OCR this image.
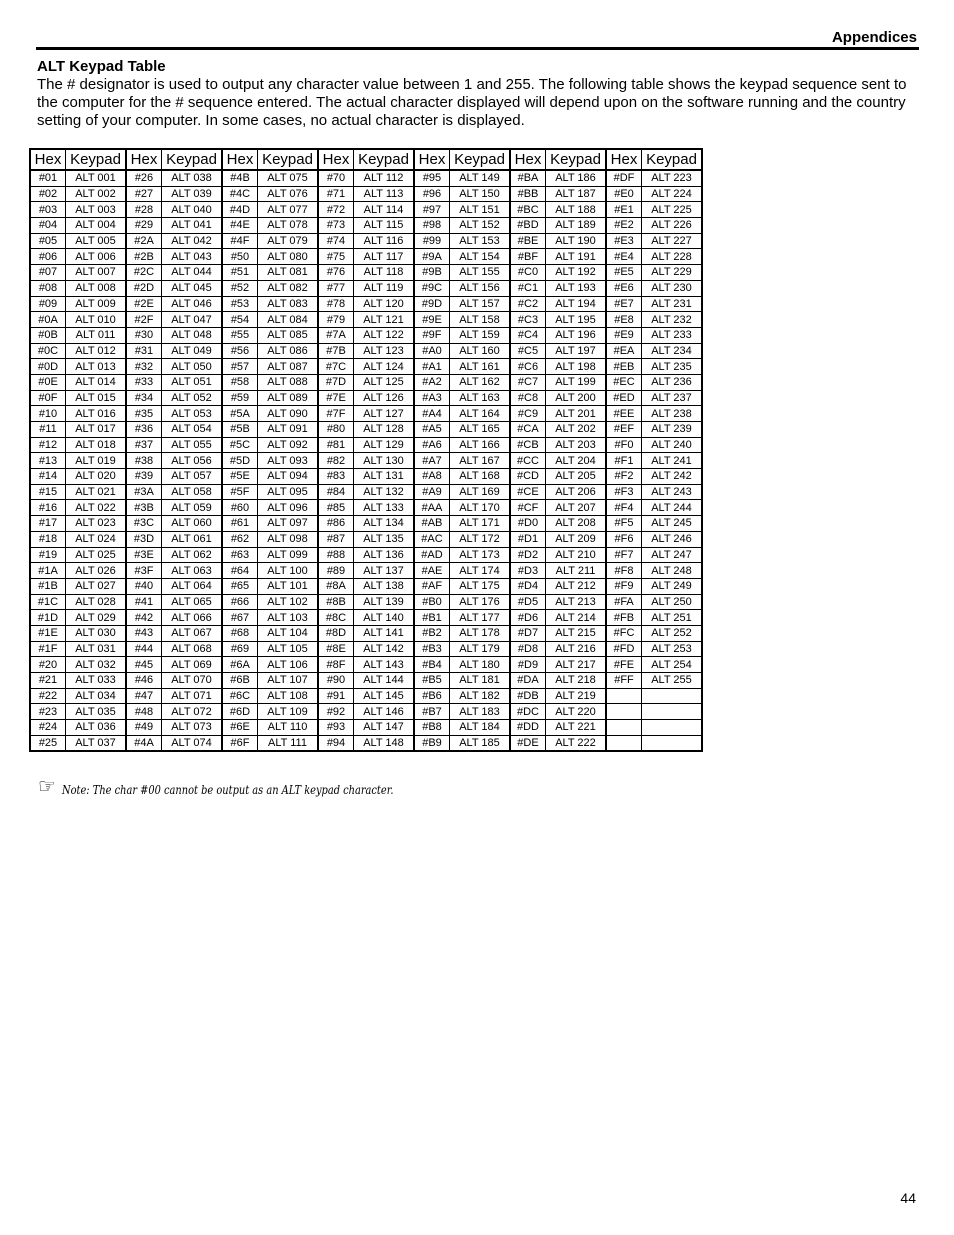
Appendices
ALT Keypad Table

The # designator is used to output any character value between 1 and 255. The following table shows the keypad sequence sent to the computer for the # sequence entered. The actual character displayed will depend upon on the software running and the country setting of your computer. In some cases, no actual character is displayed.

Hex	Keypad	Hex	Keypad	Hex	Keypad	Hex	Keypad	Hex	Keypad	Hex	Keypad	Hex	Keypad
#01	ALT 001	#26	ALT 038	#4B	ALT 075	#70	ALT 112	#95	ALT 149	#BA	ALT 186	#DF	ALT 223
#02	ALT 002	#27	ALT 039	#4C	ALT 076	#71	ALT 113	#96	ALT 150	#BB	ALT 187	#E0	ALT 224
#03	ALT 003	#28	ALT 040	#4D	ALT 077	#72	ALT 114	#97	ALT 151	#BC	ALT 188	#E1	ALT 225
#04	ALT 004	#29	ALT 041	#4E	ALT 078	#73	ALT 115	#98	ALT 152	#BD	ALT 189	#E2	ALT 226
#05	ALT 005	#2A	ALT 042	#4F	ALT 079	#74	ALT 116	#99	ALT 153	#BE	ALT 190	#E3	ALT 227
#06	ALT 006	#2B	ALT 043	#50	ALT 080	#75	ALT 117	#9A	ALT 154	#BF	ALT 191	#E4	ALT 228
#07	ALT 007	#2C	ALT 044	#51	ALT 081	#76	ALT 118	#9B	ALT 155	#C0	ALT 192	#E5	ALT 229
#08	ALT 008	#2D	ALT 045	#52	ALT 082	#77	ALT 119	#9C	ALT 156	#C1	ALT 193	#E6	ALT 230
#09	ALT 009	#2E	ALT 046	#53	ALT 083	#78	ALT 120	#9D	ALT 157	#C2	ALT 194	#E7	ALT 231
#0A	ALT 010	#2F	ALT 047	#54	ALT 084	#79	ALT 121	#9E	ALT 158	#C3	ALT 195	#E8	ALT 232
#0B	ALT 011	#30	ALT 048	#55	ALT 085	#7A	ALT 122	#9F	ALT 159	#C4	ALT 196	#E9	ALT 233
#0C	ALT 012	#31	ALT 049	#56	ALT 086	#7B	ALT 123	#A0	ALT 160	#C5	ALT 197	#EA	ALT 234
#0D	ALT 013	#32	ALT 050	#57	ALT 087	#7C	ALT 124	#A1	ALT 161	#C6	ALT 198	#EB	ALT 235
#0E	ALT 014	#33	ALT 051	#58	ALT 088	#7D	ALT 125	#A2	ALT 162	#C7	ALT 199	#EC	ALT 236
#0F	ALT 015	#34	ALT 052	#59	ALT 089	#7E	ALT 126	#A3	ALT 163	#C8	ALT 200	#ED	ALT 237
#10	ALT 016	#35	ALT 053	#5A	ALT 090	#7F	ALT 127	#A4	ALT 164	#C9	ALT 201	#EE	ALT 238
#11	ALT 017	#36	ALT 054	#5B	ALT 091	#80	ALT 128	#A5	ALT 165	#CA	ALT 202	#EF	ALT 239
#12	ALT 018	#37	ALT 055	#5C	ALT 092	#81	ALT 129	#A6	ALT 166	#CB	ALT 203	#F0	ALT 240
#13	ALT 019	#38	ALT 056	#5D	ALT 093	#82	ALT 130	#A7	ALT 167	#CC	ALT 204	#F1	ALT 241
#14	ALT 020	#39	ALT 057	#5E	ALT 094	#83	ALT 131	#A8	ALT 168	#CD	ALT 205	#F2	ALT 242
#15	ALT 021	#3A	ALT 058	#5F	ALT 095	#84	ALT 132	#A9	ALT 169	#CE	ALT 206	#F3	ALT 243
#16	ALT 022	#3B	ALT 059	#60	ALT 096	#85	ALT 133	#AA	ALT 170	#CF	ALT 207	#F4	ALT 244
#17	ALT 023	#3C	ALT 060	#61	ALT 097	#86	ALT 134	#AB	ALT 171	#D0	ALT 208	#F5	ALT 245
#18	ALT 024	#3D	ALT 061	#62	ALT 098	#87	ALT 135	#AC	ALT 172	#D1	ALT 209	#F6	ALT 246
#19	ALT 025	#3E	ALT 062	#63	ALT 099	#88	ALT 136	#AD	ALT 173	#D2	ALT 210	#F7	ALT 247
#1A	ALT 026	#3F	ALT 063	#64	ALT 100	#89	ALT 137	#AE	ALT 174	#D3	ALT 211	#F8	ALT 248
#1B	ALT 027	#40	ALT 064	#65	ALT 101	#8A	ALT 138	#AF	ALT 175	#D4	ALT 212	#F9	ALT 249
#1C	ALT 028	#41	ALT 065	#66	ALT 102	#8B	ALT 139	#B0	ALT 176	#D5	ALT 213	#FA	ALT 250
#1D	ALT 029	#42	ALT 066	#67	ALT 103	#8C	ALT 140	#B1	ALT 177	#D6	ALT 214	#FB	ALT 251
#1E	ALT 030	#43	ALT 067	#68	ALT 104	#8D	ALT 141	#B2	ALT 178	#D7	ALT 215	#FC	ALT 252
#1F	ALT 031	#44	ALT 068	#69	ALT 105	#8E	ALT 142	#B3	ALT 179	#D8	ALT 216	#FD	ALT 253
#20	ALT 032	#45	ALT 069	#6A	ALT 106	#8F	ALT 143	#B4	ALT 180	#D9	ALT 217	#FE	ALT 254
#21	ALT 033	#46	ALT 070	#6B	ALT 107	#90	ALT 144	#B5	ALT 181	#DA	ALT 218	#FF	ALT 255
#22	ALT 034	#47	ALT 071	#6C	ALT 108	#91	ALT 145	#B6	ALT 182	#DB	ALT 219		
#23	ALT 035	#48	ALT 072	#6D	ALT 109	#92	ALT 146	#B7	ALT 183	#DC	ALT 220		
#24	ALT 036	#49	ALT 073	#6E	ALT 110	#93	ALT 147	#B8	ALT 184	#DD	ALT 221		
#25	ALT 037	#4A	ALT 074	#6F	ALT 111	#94	ALT 148	#B9	ALT 185	#DE	ALT 222		
☞ Note: The char #00 cannot be output as an ALT keypad character.
44
